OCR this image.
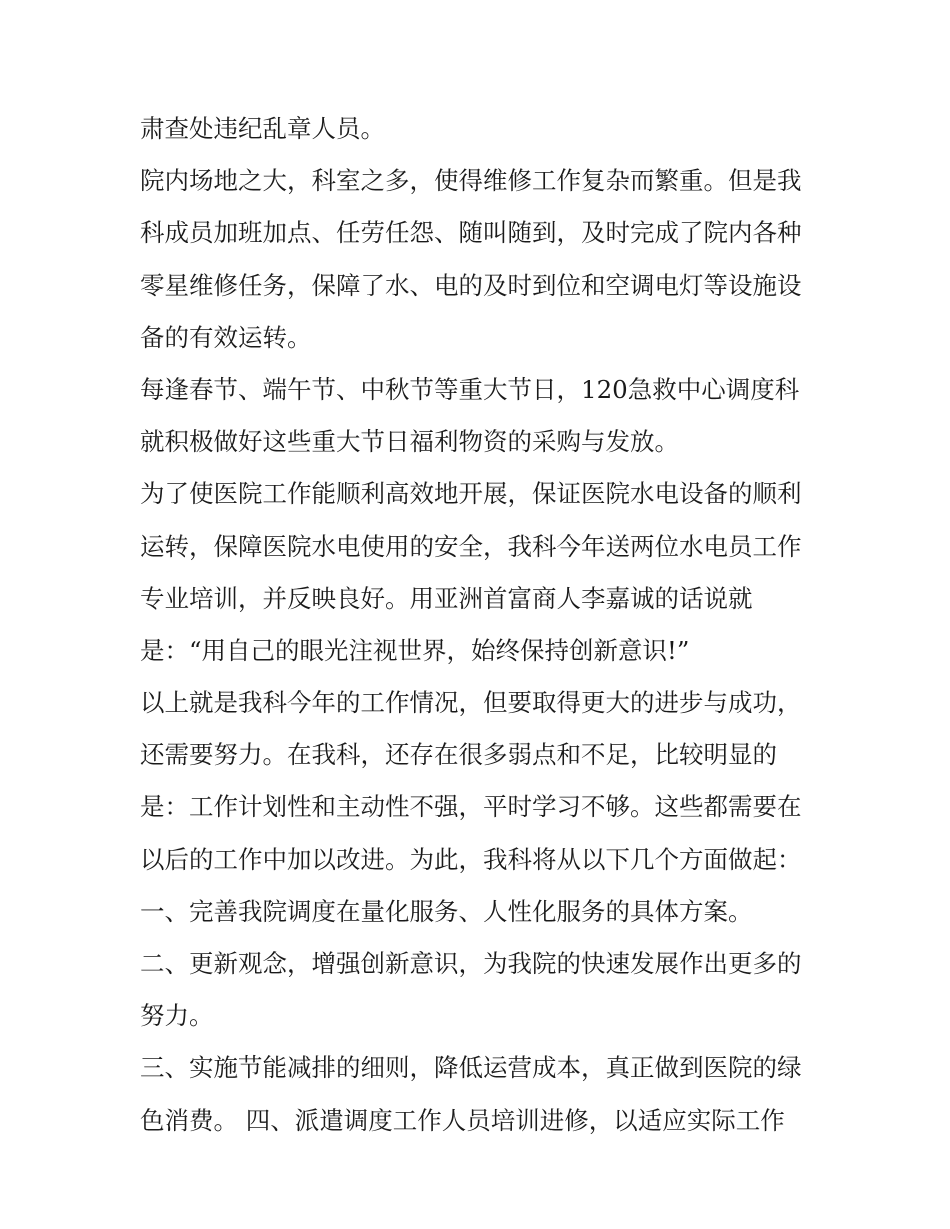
肃查处违纪乱章人员。
院内场地之大，科室之多，使得维修工作复杂而繁重。但是我
科成员加班加点、任劳任怨、随叫随到，及时完成了院内各种
零星维修任务，保障了水、电的及时到位和空调电灯等设施设
备的有效运转。
每逢春节、端午节、中秋节等重大节日，120急救中心调度科
就积极做好这些重大节日福利物资的采购与发放。
为了使医院工作能顺利高效地开展，保证医院水电设备的顺利
运转，保障医院水电使用的安全，我科今年送两位水电员工作
专业培训，并反映良好。用亚洲首富商人李嘉诚的话说就
是：“用自己的眼光注视世界，始终保持创新意识!”
以上就是我科今年的工作情况，但要取得更大的进步与成功，
还需要努力。在我科，还存在很多弱点和不足，比较明显的
是：工作计划性和主动性不强，平时学习不够。这些都需要在
以后的工作中加以改进。为此，我科将从以下几个方面做起：
一、完善我院调度在量化服务、人性化服务的具体方案。
二、更新观念，增强创新意识，为我院的快速发展作出更多的
努力。
三、实施节能减排的细则，降低运营成本，真正做到医院的绿
色消费。 四、派遣调度工作人员培训进修，以适应实际工作
